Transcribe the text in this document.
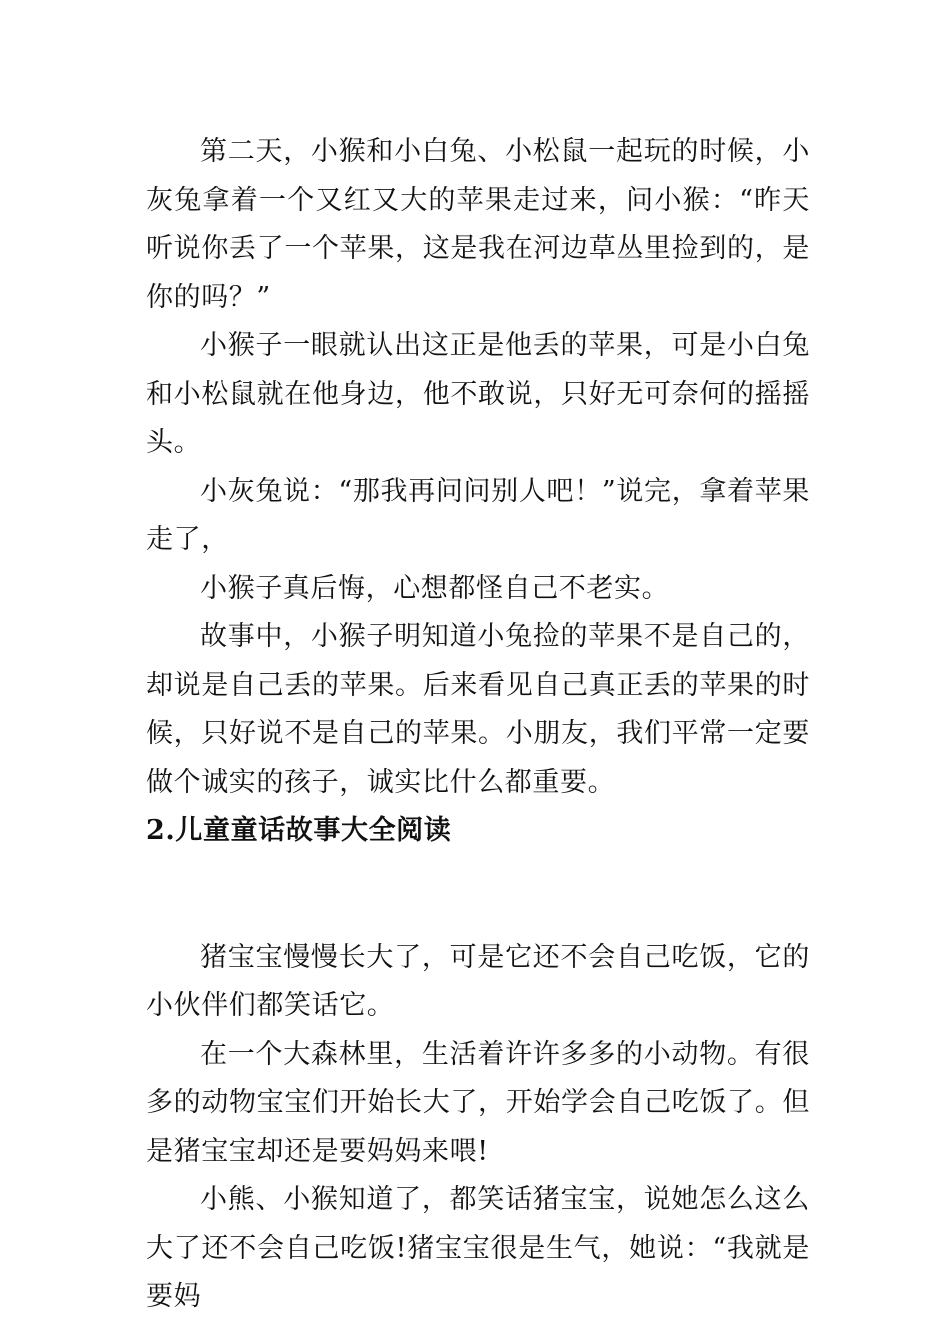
第二天，小猴和小白兔、小松鼠一起玩的时候，小灰兔拿着一个又红又大的苹果走过来，问小猴：“昨天听说你丢了一个苹果，这是我在河边草丛里捡到的，是你的吗？”

小猴子一眼就认出这正是他丢的苹果，可是小白兔和小松鼠就在他身边，他不敢说，只好无可奈何的摇摇头。

小灰兔说：“那我再问问别人吧！”说完，拿着苹果走了，

小猴子真后悔，心想都怪自己不老实。

故事中，小猴子明知道小兔捡的苹果不是自己的，却说是自己丢的苹果。后来看见自己真正丢的苹果的时候，只好说不是自己的苹果。小朋友，我们平常一定要做个诚实的孩子，诚实比什么都重要。

2.儿童童话故事大全阅读

猪宝宝慢慢长大了，可是它还不会自己吃饭，它的小伙伴们都笑话它。

在一个大森林里，生活着许许多多的小动物。有很多的动物宝宝们开始长大了，开始学会自己吃饭了。但是猪宝宝却还是要妈妈来喂!

小熊、小猴知道了，都笑话猪宝宝，说她怎么这么大了还不会自己吃饭!猪宝宝很是生气，她说：“我就是要妈
